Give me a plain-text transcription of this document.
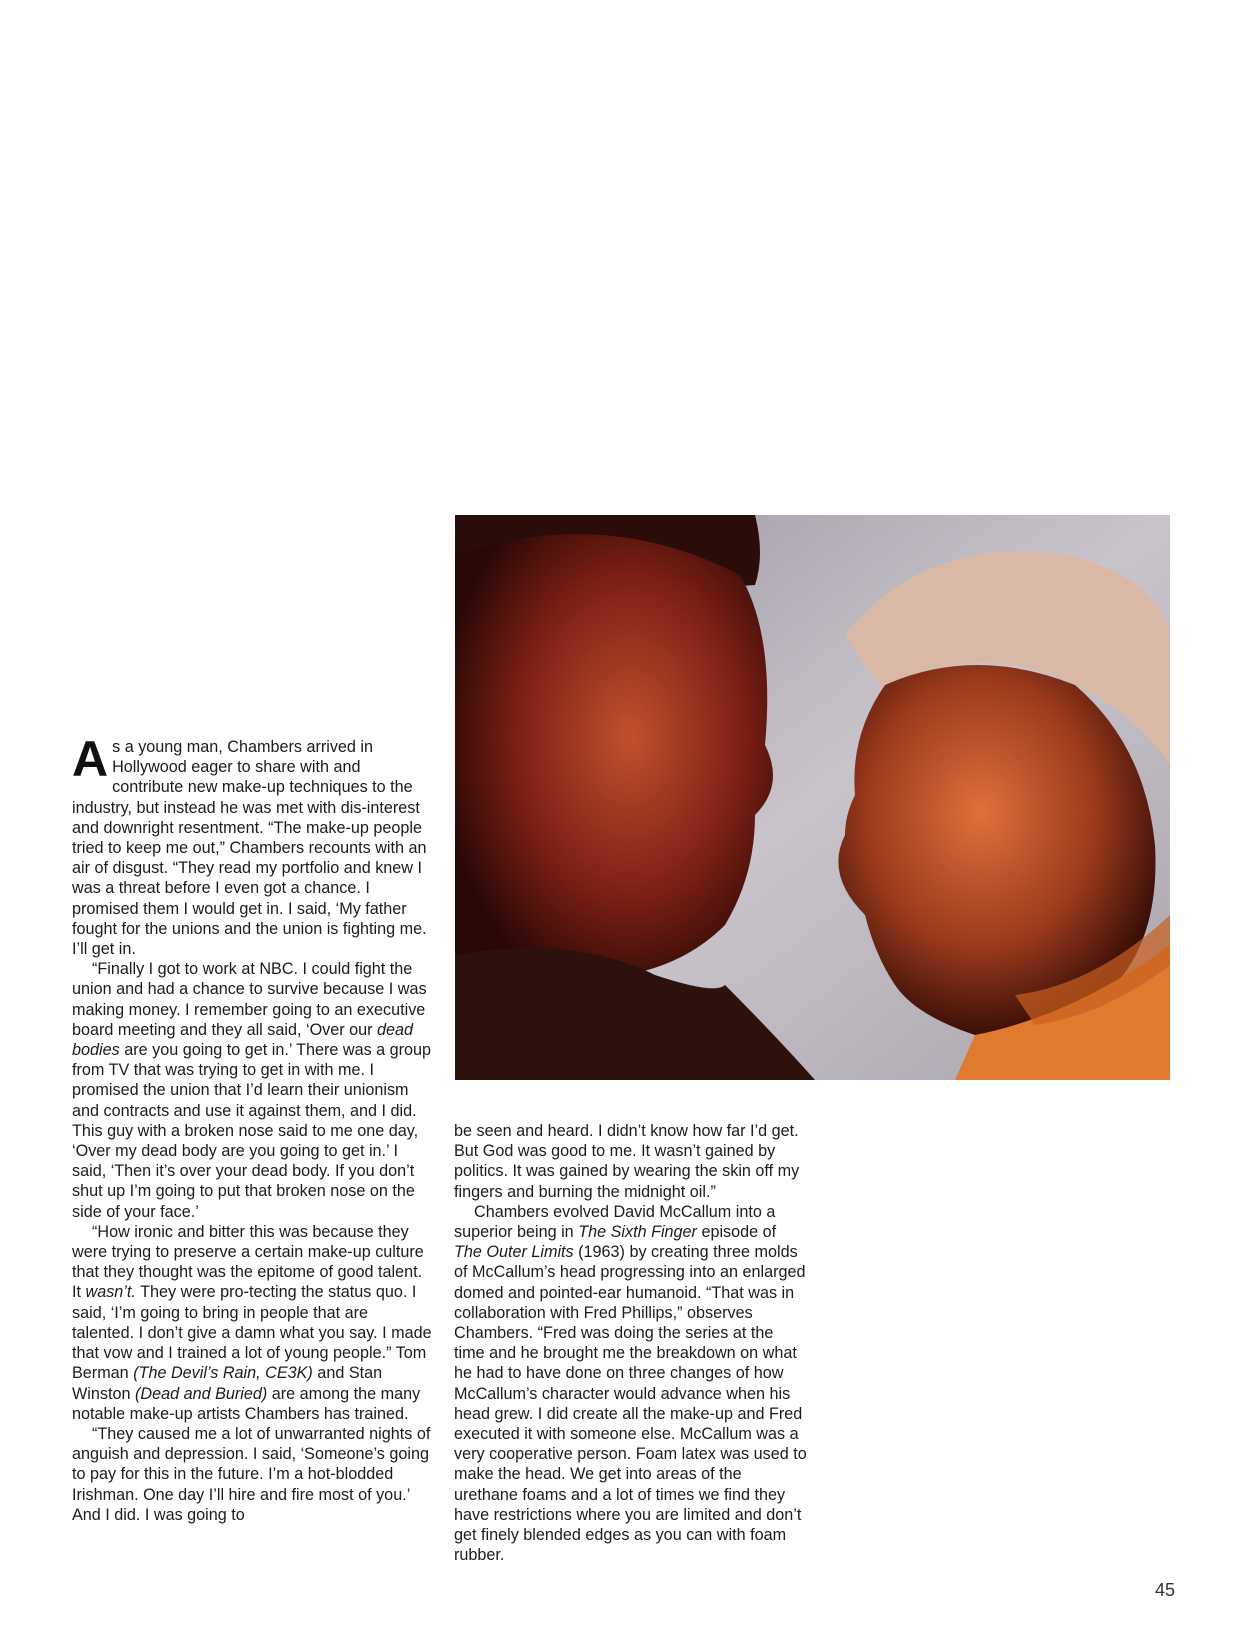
As a young man, Chambers arrived in Hollywood eager to share with and contribute new make-up techniques to the industry, but instead he was met with dis-interest and downright resentment. “The make-up people tried to keep me out,” Chambers recounts with an air of disgust. “They read my portfolio and knew I was a threat before I even got a chance. I promised them I would get in. I said, ‘My father fought for the unions and the union is fighting me. I’ll get in.

“Finally I got to work at NBC. I could fight the union and had a chance to survive because I was making money. I remember going to an executive board meeting and they all said, ‘Over our dead bodies are you going to get in.’ There was a group from TV that was trying to get in with me. I promised the union that I’d learn their unionism and contracts and use it against them, and I did. This guy with a broken nose said to me one day, ‘Over my dead body are you going to get in.’ I said, ‘Then it’s over your dead body. If you don’t shut up I’m going to put that broken nose on the side of your face.’

“How ironic and bitter this was because they were trying to preserve a certain make-up culture that they thought was the epitome of good talent. It wasn’t. They were pro-tecting the status quo. I said, ‘I’m going to bring in people that are talented. I don’t give a damn what you say. I made that vow and I trained a lot of young people.” Tom Berman (The Devil’s Rain, CE3K) and Stan Winston (Dead and Buried) are among the many notable make-up artists Chambers has trained.

“They caused me a lot of unwarranted nights of anguish and depression. I said, ‘Someone’s going to pay for this in the future. I’m a hot-blodded Irishman. One day I’ll hire and fire most of you.’ And I did. I was going to

be seen and heard. I didn’t know how far I’d get. But God was good to me. It wasn’t gained by politics. It was gained by wearing the skin off my fingers and burning the midnight oil.”

Chambers evolved David McCallum into a superior being in The Sixth Finger episode of The Outer Limits (1963) by creating three molds of McCallum’s head progressing into an enlarged domed and pointed-ear humanoid. “That was in collaboration with Fred Phillips,” observes Chambers. “Fred was doing the series at the time and he brought me the breakdown on what he had to have done on three changes of how McCallum’s character would advance when his head grew. I did create all the make-up and Fred executed it with someone else. McCallum was a very cooperative person. Foam latex was used to make the head. We get into areas of the urethane foams and a lot of times we find they have restrictions where you are limited and don’t get finely blended edges as you can with foam rubber.

45
